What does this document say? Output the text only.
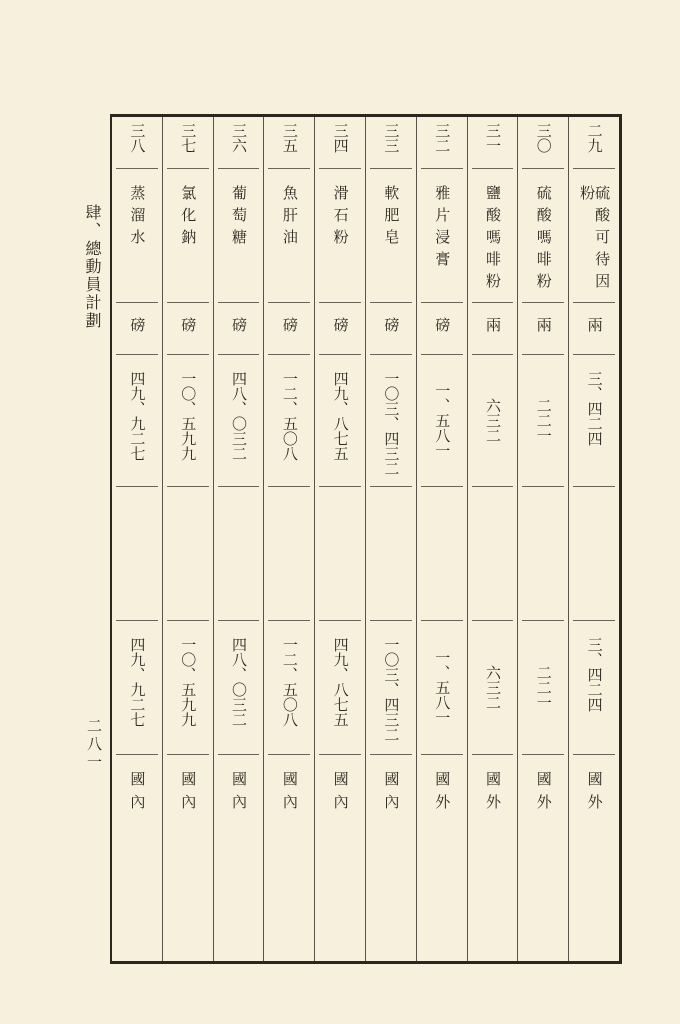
肆、總動員計劃
二八一
二九
硫酸可待因粉
兩
三、四二四
三、四二四
國外
三〇
硫酸嗎啡粉
兩
二二一
二二一
國外
三一
鹽酸嗎啡粉
兩
六三二
六三二
國外
三二
雅片浸膏
磅
一、五八一
一、五八一
國外
三三
軟肥皂
磅
一〇三、四三二
一〇三、四三二
國內
三四
滑石粉
磅
四九、八七五
四九、八七五
國內
三五
魚肝油
磅
一二、五〇八
一二、五〇八
國內
三六
葡萄糖
磅
四八、〇三二
四八、〇三二
國內
三七
氯化鈉
磅
一〇、五九九
一〇、五九九
國內
三八
蒸溜水
磅
四九、九二七
四九、九二七
國內
